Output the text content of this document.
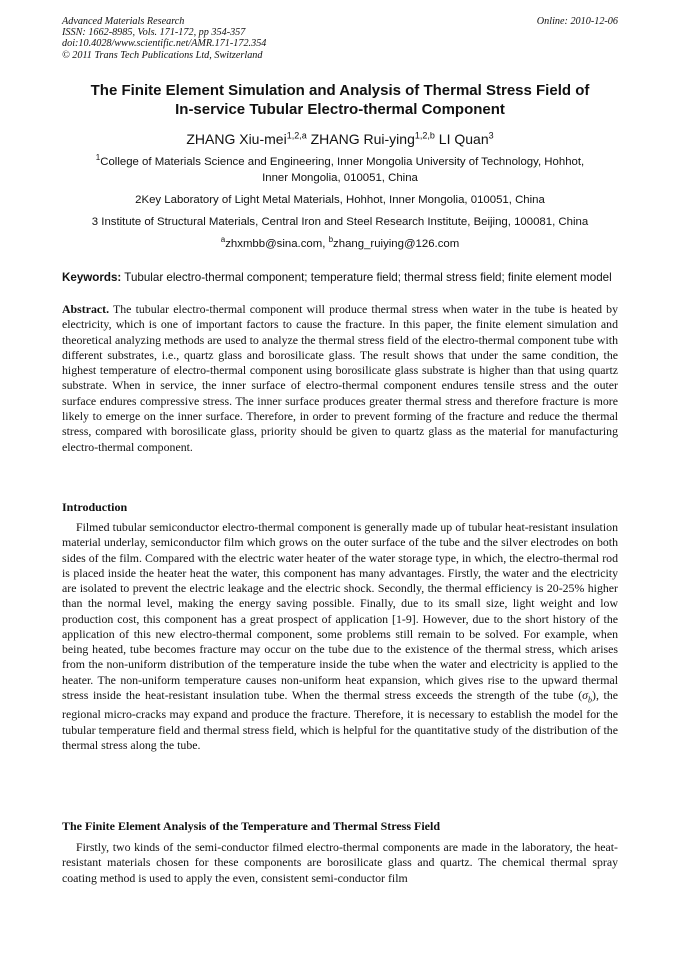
Advanced Materials Research
ISSN: 1662-8985, Vols. 171-172, pp 354-357
doi:10.4028/www.scientific.net/AMR.171-172.354
© 2011 Trans Tech Publications Ltd, Switzerland
Online: 2010-12-06
The Finite Element Simulation and Analysis of Thermal Stress Field of
In-service Tubular Electro-thermal Component
ZHANG Xiu-mei$^{1,2,a}$ ZHANG Rui-ying$^{1,2,b}$ LI Quan$^3$
$^1$College of Materials Science and Engineering, Inner Mongolia University of Technology, Hohhot,
Inner Mongolia, 010051, China
2Key Laboratory of Light Metal Materials, Hohhot, Inner Mongolia, 010051, China
3 Institute of Structural Materials, Central Iron and Steel Research Institute, Beijing, 100081, China
$^a$zhxmbb@sina.com, $^b$zhang_ruiying@126.com
Keywords: Tubular electro-thermal component; temperature field; thermal stress field; finite element model
Abstract. The tubular electro-thermal component will produce thermal stress when water in the tube is heated by electricity, which is one of important factors to cause the fracture. In this paper, the finite element simulation and theoretical analyzing methods are used to analyze the thermal stress field of the electro-thermal component tube with different substrates, i.e., quartz glass and borosilicate glass. The result shows that under the same condition, the highest temperature of electro-thermal component using borosilicate glass substrate is higher than that using quartz substrate. When in service, the inner surface of electro-thermal component endures tensile stress and the outer surface endures compressive stress. The inner surface produces greater thermal stress and therefore fracture is more likely to emerge on the inner surface. Therefore, in order to prevent forming of the fracture and reduce the thermal stress, compared with borosilicate glass, priority should be given to quartz glass as the material for manufacturing electro-thermal component.
Introduction
Filmed tubular semiconductor electro-thermal component is generally made up of tubular heat-resistant insulation material underlay, semiconductor film which grows on the outer surface of the tube and the silver electrodes on both sides of the film. Compared with the electric water heater of the water storage type, in which, the electro-thermal rod is placed inside the heater heat the water, this component has many advantages. Firstly, the water and the electricity are isolated to prevent the electric leakage and the electric shock. Secondly, the thermal efficiency is 20-25% higher than the normal level, making the energy saving possible. Finally, due to its small size, light weight and low production cost, this component has a great prospect of application [1-9]. However, due to the short history of the application of this new electro-thermal component, some problems still remain to be solved. For example, when being heated, tube becomes fracture may occur on the tube due to the existence of the thermal stress, which arises from the non-uniform distribution of the temperature inside the tube when the water and electricity is applied to the heater. The non-uniform temperature causes non-uniform heat expansion, which gives rise to the upward thermal stress inside the heat-resistant insulation tube. When the thermal stress exceeds the strength of the tube $(\sigma_b)$, the regional micro-cracks may expand and produce the fracture. Therefore, it is necessary to establish the model for the tubular temperature field and thermal stress field, which is helpful for the quantitative study of the distribution of the thermal stress along the tube.
The Finite Element Analysis of the Temperature and Thermal Stress Field
Firstly, two kinds of the semi-conductor filmed electro-thermal components are made in the laboratory, the heat-resistant materials chosen for these components are borosilicate glass and quartz. The chemical thermal spray coating method is used to apply the even, consistent semi-conductor film
